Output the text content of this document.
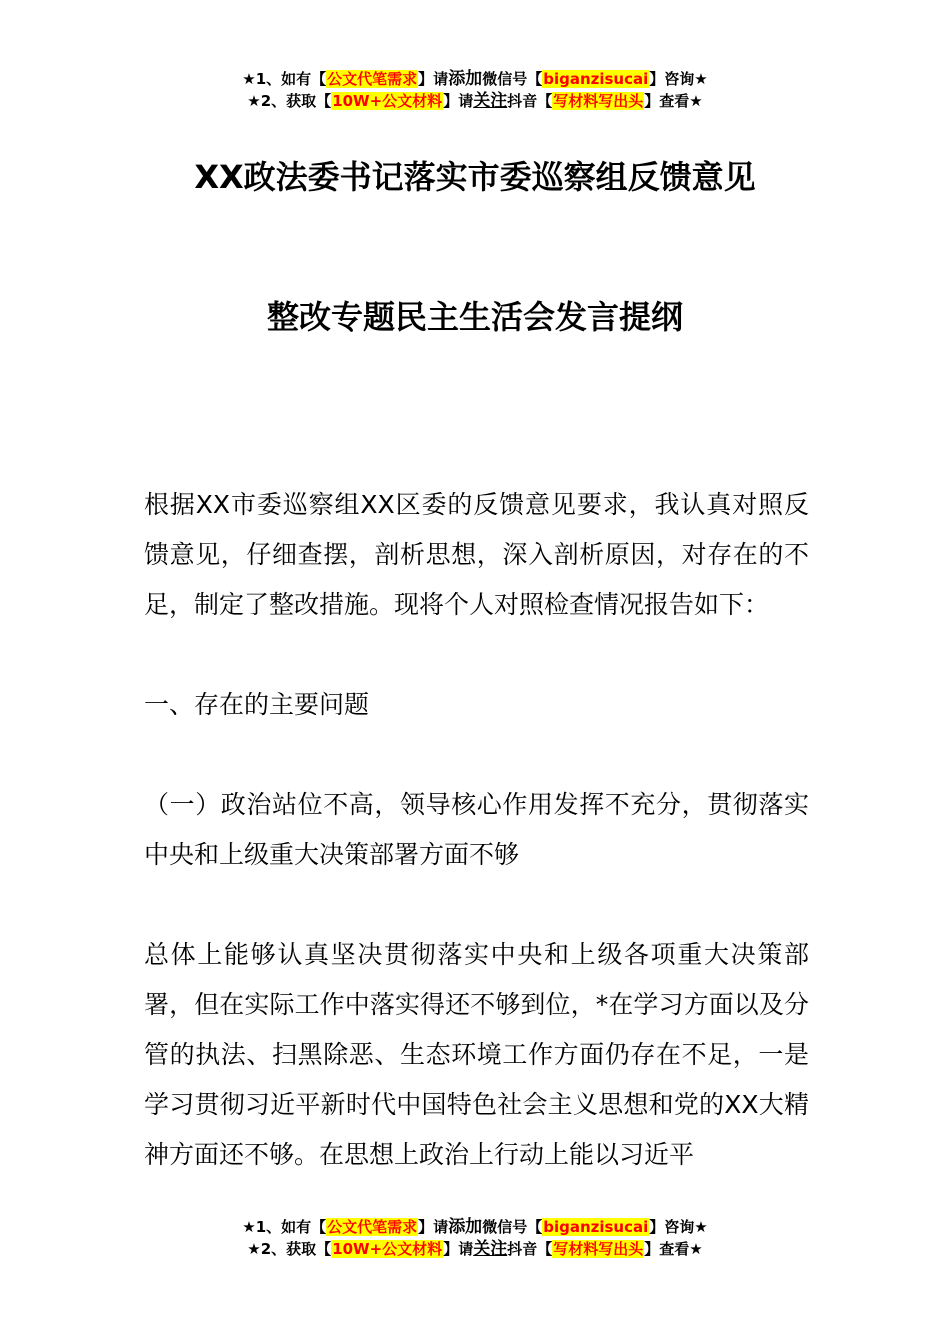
★1、如有【公文代笔需求】请添加微信号【biganzisucai】咨询★
★2、获取【10W+公文材料】请关注抖音【写材料写出头】查看★
XX政法委书记落实市委巡察组反馈意见
整改专题民主生活会发言提纲
根据XX市委巡察组XX区委的反馈意见要求，我认真对照反馈意见，仔细查摆，剖析思想，深入剖析原因，对存在的不足，制定了整改措施。现将个人对照检查情况报告如下：
一、存在的主要问题
（一）政治站位不高，领导核心作用发挥不充分，贯彻落实中央和上级重大决策部署方面不够
总体上能够认真坚决贯彻落实中央和上级各项重大决策部署，但在实际工作中落实得还不够到位，*在学习方面以及分管的执法、扫黑除恶、生态环境工作方面仍存在不足，一是学习贯彻习近平新时代中国特色社会主义思想和党的XX大精神方面还不够。在思想上政治上行动上能以习近平
★1、如有【公文代笔需求】请添加微信号【biganzisucai】咨询★
★2、获取【10W+公文材料】请关注抖音【写材料写出头】查看★
